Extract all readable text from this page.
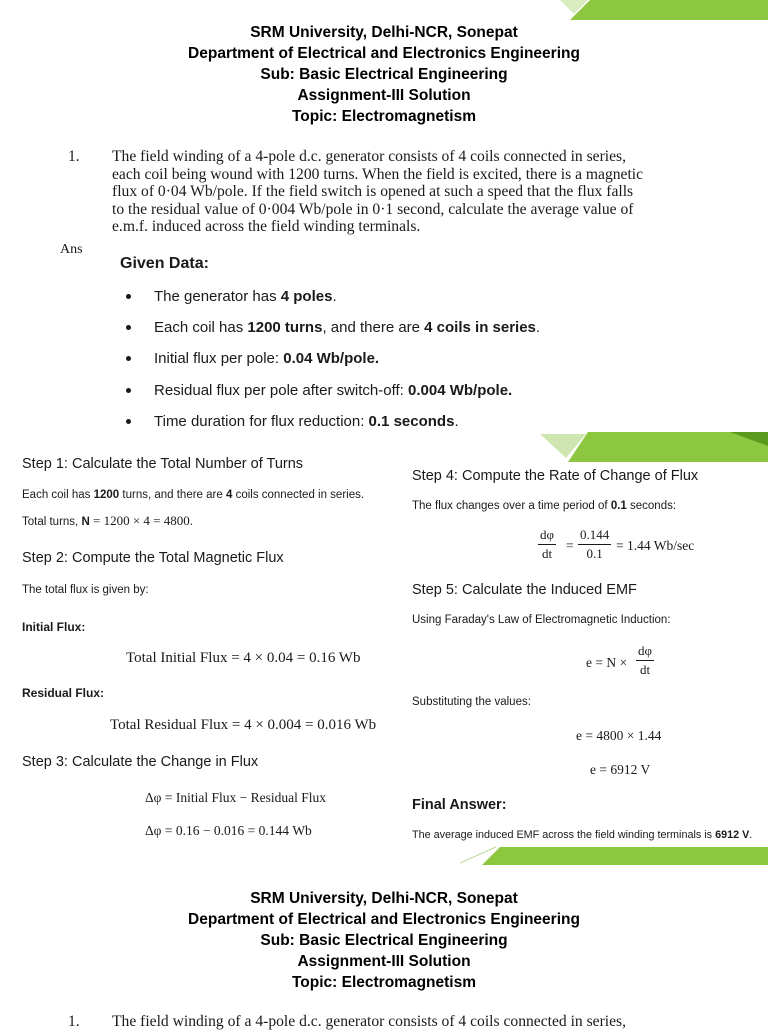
SRM University, Delhi-NCR, Sonepat
Department of Electrical and Electronics Engineering
Sub: Basic Electrical Engineering
Assignment-III Solution
Topic: Electromagnetism
1. The field winding of a 4-pole d.c. generator consists of 4 coils connected in series,
each coil being wound with 1200 turns. When the field is excited, there is a magnetic
flux of 0·04 Wb/pole. If the field switch is opened at such a speed that the flux falls
to the residual value of 0·004 Wb/pole in 0·1 second, calculate the average value of
e.m.f. induced across the field winding terminals.
Ans
Given Data:
The generator has 4 poles.
Each coil has 1200 turns, and there are 4 coils in series.
Initial flux per pole: 0.04 Wb/pole.
Residual flux per pole after switch-off: 0.004 Wb/pole.
Time duration for flux reduction: 0.1 seconds.
Step 1: Calculate the Total Number of Turns
Each coil has 1200 turns, and there are 4 coils connected in series.
Total turns, N = 1200 × 4 = 4800.
Step 2: Compute the Total Magnetic Flux
The total flux is given by:
Initial Flux:
Total Initial Flux = 4 × 0.04 = 0.16 Wb
Residual Flux:
Total Residual Flux = 4 × 0.004 = 0.016 Wb
Step 3: Calculate the Change in Flux
Δφ = Initial Flux − Residual Flux
Δφ = 0.16 − 0.016 = 0.144 Wb
Step 4: Compute the Rate of Change of Flux
The flux changes over a time period of 0.1 seconds:
$\frac{d\varphi}{dt} = \frac{0.144}{0.1} = 1.44$ Wb/sec
Step 5: Calculate the Induced EMF
Using Faraday's Law of Electromagnetic Induction:
$e = N \times \frac{d\varphi}{dt}$
Substituting the values:
e = 4800 × 1.44
e = 6912 V
Final Answer:
The average induced EMF across the field winding terminals is 6912 V.
SRM University, Delhi-NCR, Sonepat
Department of Electrical and Electronics Engineering
Sub: Basic Electrical Engineering
Assignment-III Solution
Topic: Electromagnetism
1. The field winding of a 4-pole d.c. generator consists of 4 coils connected in series,
